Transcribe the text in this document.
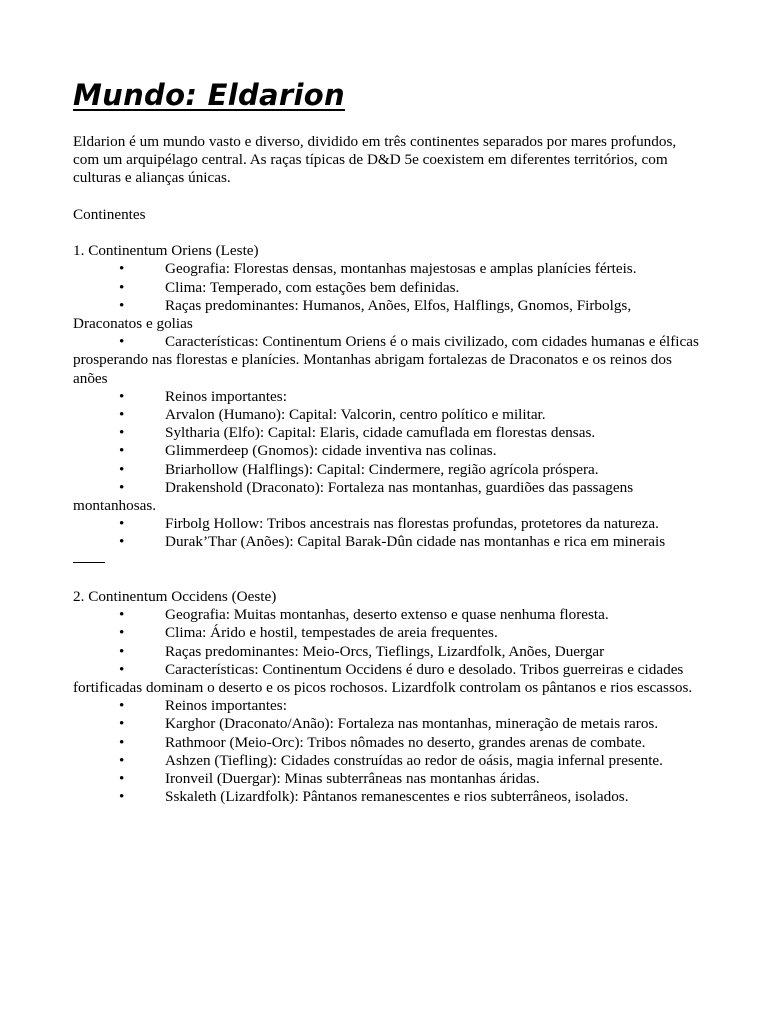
Mundo: Eldarion

Eldarion é um mundo vasto e diverso, dividido em três continentes separados por mares profundos, com um arquipélago central. As raças típicas de D&D 5e coexistem em diferentes territórios, com culturas e alianças únicas.

Continentes

1. Continentum Oriens (Leste)

•	Geografia: Florestas densas, montanhas majestosas e amplas planícies férteis.

•	Clima: Temperado, com estações bem definidas.

•	Raças predominantes: Humanos, Anões, Elfos, Halflings, Gnomos, Firbolgs, Draconatos e golias

•	Características: Continentum Oriens é o mais civilizado, com cidades humanas e élficas prosperando nas florestas e planícies. Montanhas abrigam fortalezas de Draconatos e os reinos dos anões

•	Reinos importantes:

•	Arvalon (Humano): Capital: Valcorin, centro político e militar.

•	Syltharia (Elfo): Capital: Elaris, cidade camuflada em florestas densas.

•	Glimmerdeep (Gnomos): cidade inventiva nas colinas.

•	Briarhollow (Halflings): Capital: Cindermere, região agrícola próspera.

•	Drakenshold (Draconato): Fortaleza nas montanhas, guardiões das passagens montanhosas.

•	Firbolg Hollow: Tribos ancestrais nas florestas profundas, protetores da natureza.

•	Durak’Thar (Anões): Capital Barak-Dûn cidade nas montanhas e rica em minerais

2. Continentum Occidens (Oeste)

•	Geografia: Muitas montanhas, deserto extenso e quase nenhuma floresta.

•	Clima: Árido e hostil, tempestades de areia frequentes.

•	Raças predominantes: Meio-Orcs, Tieflings, Lizardfolk, Anões, Duergar

•	Características: Continentum Occidens é duro e desolado. Tribos guerreiras e cidades fortificadas dominam o deserto e os picos rochosos. Lizardfolk controlam os pântanos e rios escassos.

•	Reinos importantes:

•	Karghor (Draconato/Anão): Fortaleza nas montanhas, mineração de metais raros.

•	Rathmoor (Meio-Orc): Tribos nômades no deserto, grandes arenas de combate.

•	Ashzen (Tiefling): Cidades construídas ao redor de oásis, magia infernal presente.

•	Ironveil (Duergar): Minas subterrâneas nas montanhas áridas.

•	Sskaleth (Lizardfolk): Pântanos remanescentes e rios subterrâneos, isolados.
